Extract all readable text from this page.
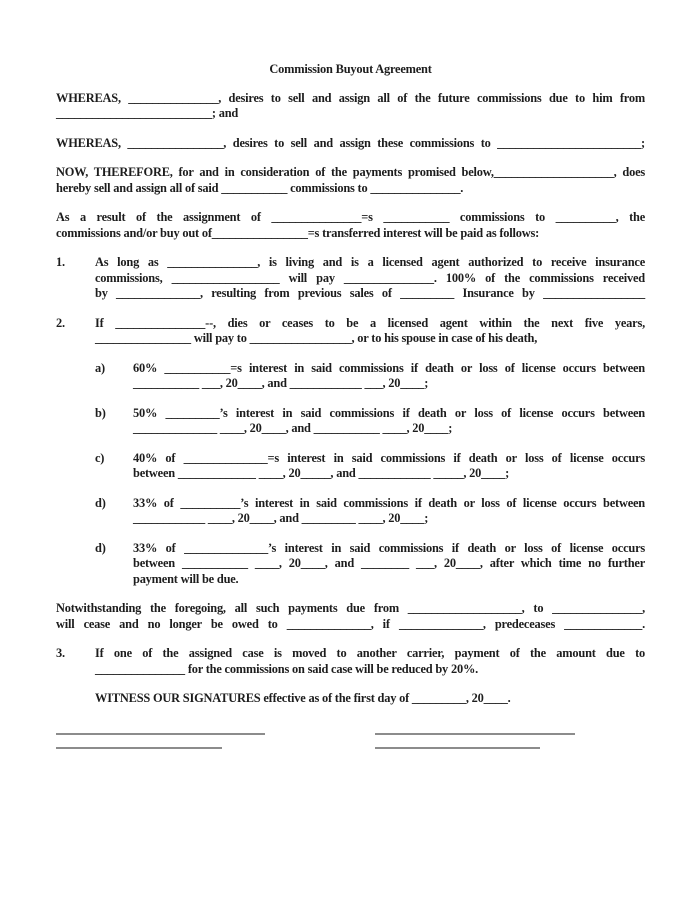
Commission Buyout Agreement
WHEREAS, _______________, desires to sell and assign all of the future commissions due to him from
__________________________; and
WHEREAS, ________________, desires to sell and assign these commissions to ________________________;
NOW, THEREFORE, for and in consideration of the payments promised below,____________________, does
hereby sell and assign all of said ___________ commissions to _______________.
As a result of the assignment of _______________=s ___________ commissions to __________, the
commissions and/or buy out of________________=s transferred interest will be paid as follows:
1. As long as _______________, is living and is a licensed agent authorized to receive insurance
commissions, __________________ will pay _______________. 100% of the commissions received
by ______________, resulting from previous sales of _________ Insurance by _________________
2. If _______________--, dies or ceases to be a licensed agent within the next five years,
________________ will pay to _________________, or to his spouse in case of his death,
a) 60% ___________=s interest in said commissions if death or loss of license occurs between
___________ ___, 20____, and ____________ ___, 20____;
b) 50% _________’s interest in said commissions if death or loss of license occurs between
______________ ____, 20____, and ___________ ____, 20____;
c) 40% of ______________=s interest in said commissions if death or loss of license occurs
between _____________ ____, 20_____, and ____________ _____, 20____;
d) 33% of __________’s interest in said commissions if death or loss of license occurs between
____________ ____, 20____, and _________ ____, 20____;
d) 33% of ______________’s interest in said commissions if death or loss of license occurs
between ___________ ____, 20____, and ________ ___, 20____, after which time no further
payment will be due.
Notwithstanding the foregoing, all such payments due from ___________________, to _______________,
will cease and no longer be owed to ______________, if ______________, predeceases _____________.
3. If one of the assigned case is moved to another carrier, payment of the amount due to
_______________ for the commissions on said case will be reduced by 20%.
WITNESS OUR SIGNATURES effective as of the first day of _________, 20____.
